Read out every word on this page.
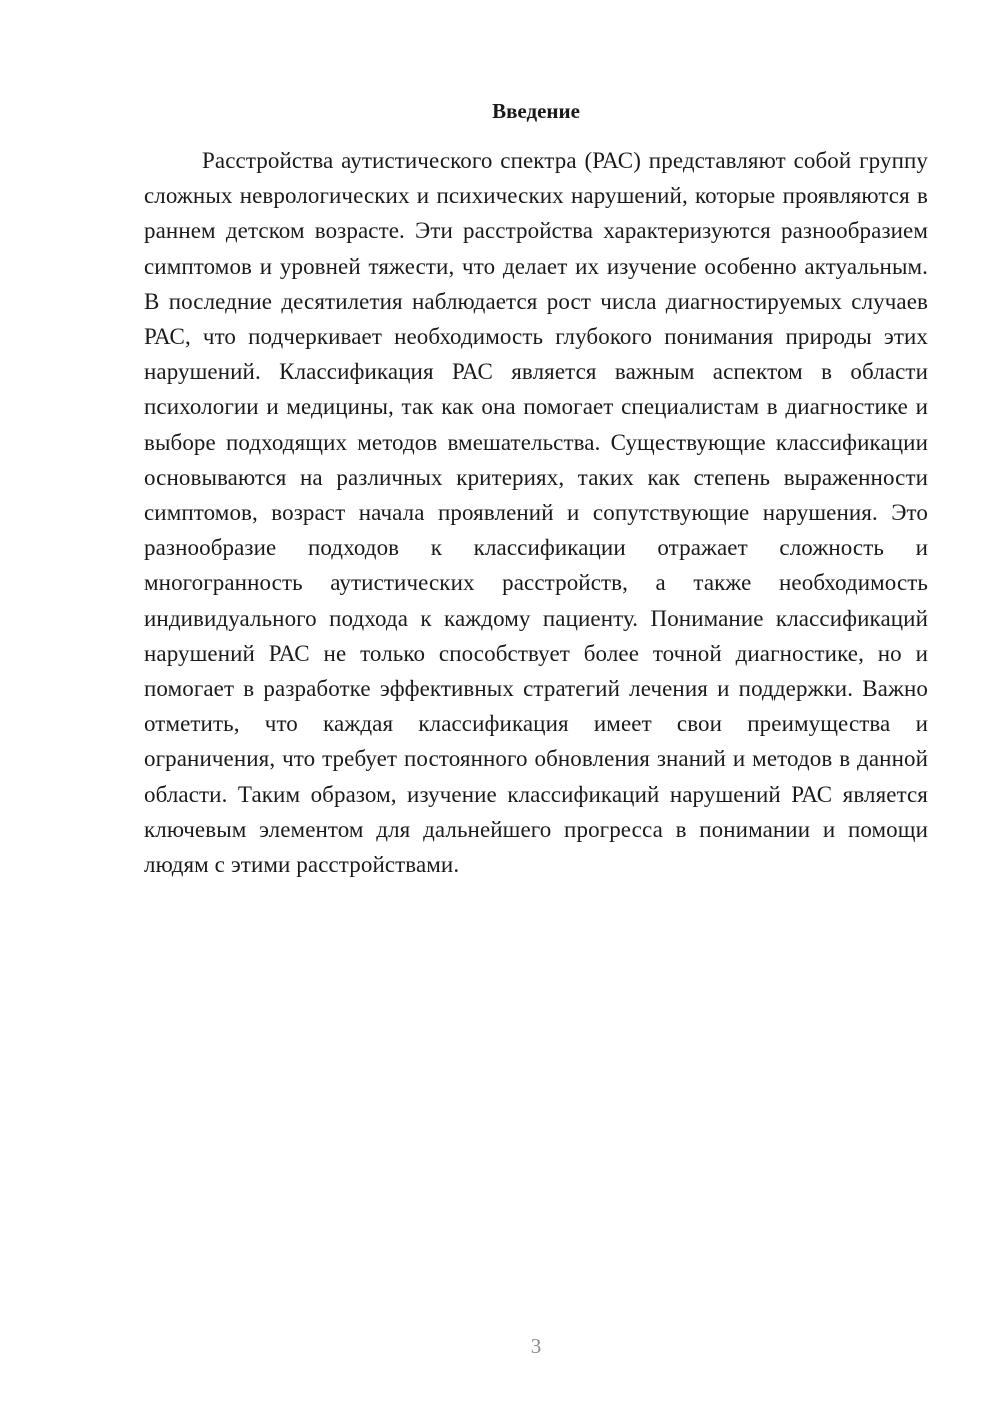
Введение

Расстройства аутистического спектра (РАС) представляют собой группу сложных неврологических и психических нарушений, которые проявляются в раннем детском возрасте. Эти расстройства характеризуются разнообразием симптомов и уровней тяжести, что делает их изучение особенно актуальным. В последние десятилетия наблюдается рост числа диагностируемых случаев РАС, что подчеркивает необходимость глубокого понимания природы этих нарушений. Классификация РАС является важным аспектом в области психологии и медицины, так как она помогает специалистам в диагностике и выборе подходящих методов вмешательства. Существующие классификации основываются на различных критериях, таких как степень выраженности симптомов, возраст начала проявлений и сопутствующие нарушения. Это разнообразие подходов к классификации отражает сложность и многогранность аутистических расстройств, а также необходимость индивидуального подхода к каждому пациенту. Понимание классификаций нарушений РАС не только способствует более точной диагностике, но и помогает в разработке эффективных стратегий лечения и поддержки. Важно отметить, что каждая классификация имеет свои преимущества и ограничения, что требует постоянного обновления знаний и методов в данной области. Таким образом, изучение классификаций нарушений РАС является ключевым элементом для дальнейшего прогресса в понимании и помощи людям с этими расстройствами.

3
